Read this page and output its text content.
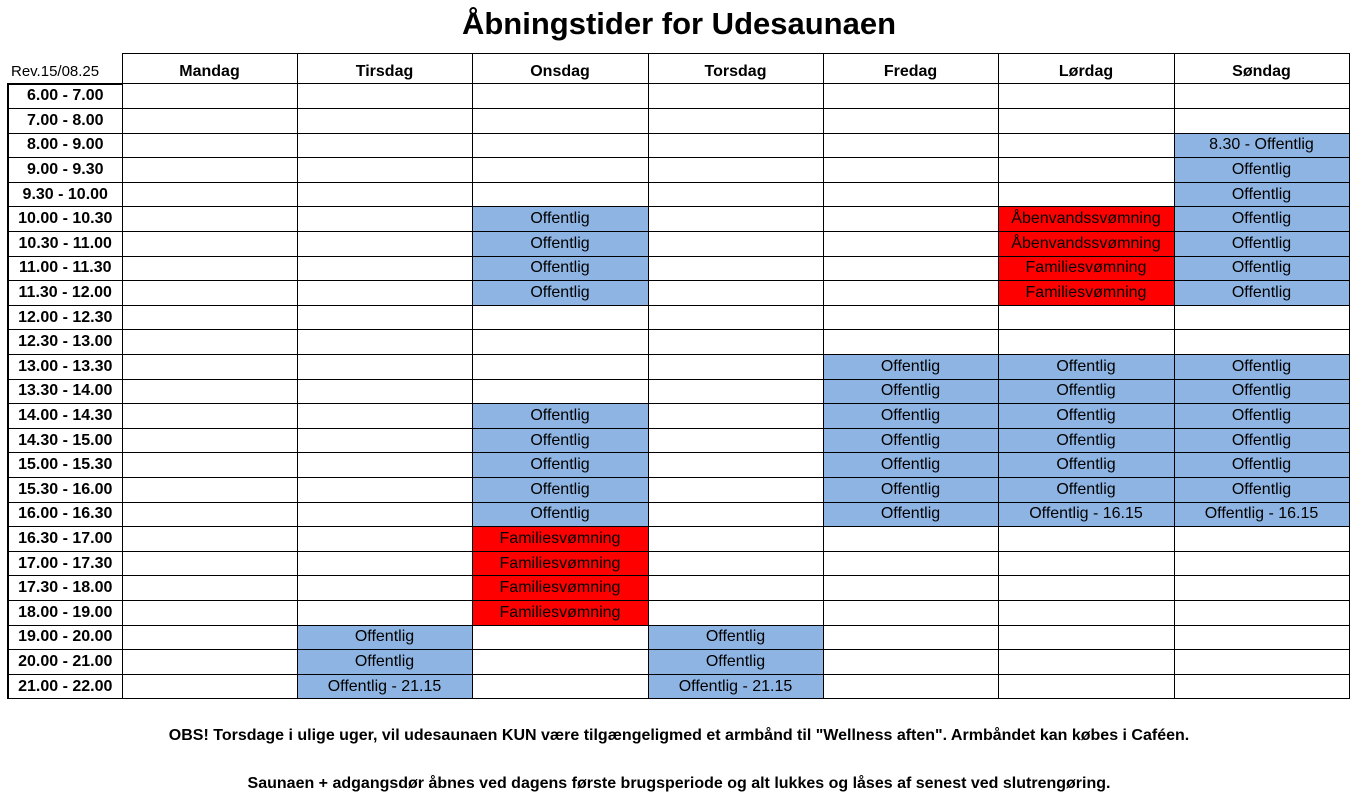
Åbningstider for Udesaunaen
Rev.15/08.25	Mandag	Tirsdag	Onsdag	Torsdag	Fredag	Lørdag	Søndag
6.00 - 7.00							
7.00 - 8.00							
8.00 - 9.00							8.30 - Offentlig
9.00 - 9.30							Offentlig
9.30 - 10.00							Offentlig
10.00 - 10.30			Offentlig			Åbenvandssvømning	Offentlig
10.30 - 11.00			Offentlig			Åbenvandssvømning	Offentlig
11.00 - 11.30			Offentlig			Familiesvømning	Offentlig
11.30 - 12.00			Offentlig			Familiesvømning	Offentlig
12.00 - 12.30							
12.30 - 13.00							
13.00 - 13.30					Offentlig	Offentlig	Offentlig
13.30 - 14.00					Offentlig	Offentlig	Offentlig
14.00 - 14.30			Offentlig		Offentlig	Offentlig	Offentlig
14.30 - 15.00			Offentlig		Offentlig	Offentlig	Offentlig
15.00 - 15.30			Offentlig		Offentlig	Offentlig	Offentlig
15.30 - 16.00			Offentlig		Offentlig	Offentlig	Offentlig
16.00 - 16.30			Offentlig		Offentlig	Offentlig - 16.15	Offentlig - 16.15
16.30 - 17.00			Familiesvømning				
17.00 - 17.30			Familiesvømning				
17.30 - 18.00			Familiesvømning				
18.00 - 19.00			Familiesvømning				
19.00 - 20.00		Offentlig		Offentlig			
20.00 - 21.00		Offentlig		Offentlig			
21.00 - 22.00		Offentlig - 21.15		Offentlig - 21.15			
OBS! Torsdage i ulige uger, vil udesaunaen KUN være tilgængeligmed et armbånd til "Wellness aften". Armbåndet kan købes i Caféen.
Saunaen + adgangsdør åbnes ved dagens første brugsperiode og alt lukkes og låses af senest ved slutrengøring.
